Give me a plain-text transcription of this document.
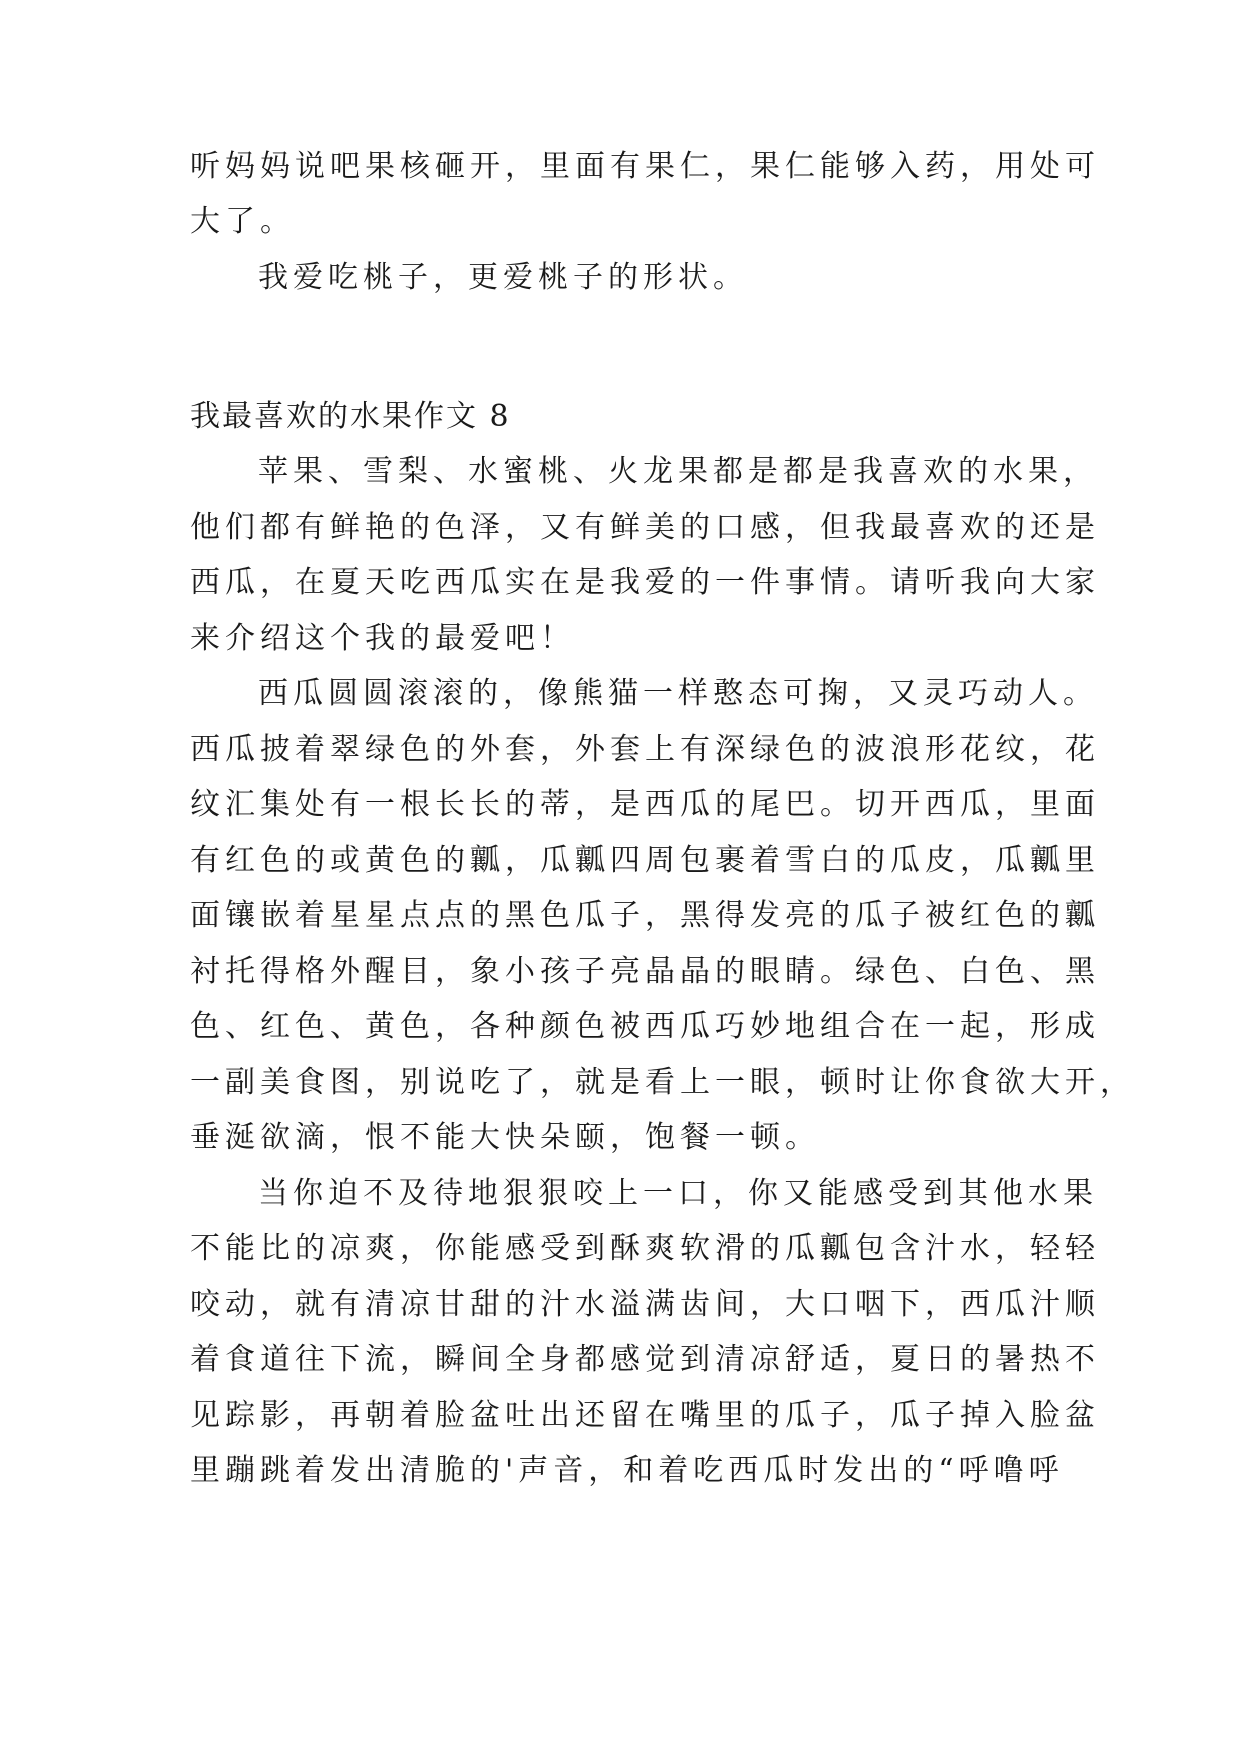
听妈妈说吧果核砸开，里面有果仁，果仁能够入药，用处可

大了。

我爱吃桃子，更爱桃子的形状。

我最喜欢的水果作文 8

苹果、雪梨、水蜜桃、火龙果都是都是我喜欢的水果，

他们都有鲜艳的色泽，又有鲜美的口感，但我最喜欢的还是

西瓜，在夏天吃西瓜实在是我爱的一件事情。请听我向大家

来介绍这个我的最爱吧！

西瓜圆圆滚滚的，像熊猫一样憨态可掬，又灵巧动人。

西瓜披着翠绿色的外套，外套上有深绿色的波浪形花纹，花

纹汇集处有一根长长的蒂，是西瓜的尾巴。切开西瓜，里面

有红色的或黄色的瓤，瓜瓤四周包裹着雪白的瓜皮，瓜瓤里

面镶嵌着星星点点的黑色瓜子，黑得发亮的瓜子被红色的瓤

衬托得格外醒目，象小孩子亮晶晶的眼睛。绿色、白色、黑

色、红色、黄色，各种颜色被西瓜巧妙地组合在一起，形成

一副美食图，别说吃了，就是看上一眼，顿时让你食欲大开，

垂涎欲滴，恨不能大快朵颐，饱餐一顿。

当你迫不及待地狠狠咬上一口，你又能感受到其他水果

不能比的凉爽，你能感受到酥爽软滑的瓜瓤包含汁水，轻轻

咬动，就有清凉甘甜的汁水溢满齿间，大口咽下，西瓜汁顺

着食道往下流，瞬间全身都感觉到清凉舒适，夏日的暑热不

见踪影，再朝着脸盆吐出还留在嘴里的瓜子，瓜子掉入脸盆

里蹦跳着发出清脆的'声音，和着吃西瓜时发出的“呼噜呼
